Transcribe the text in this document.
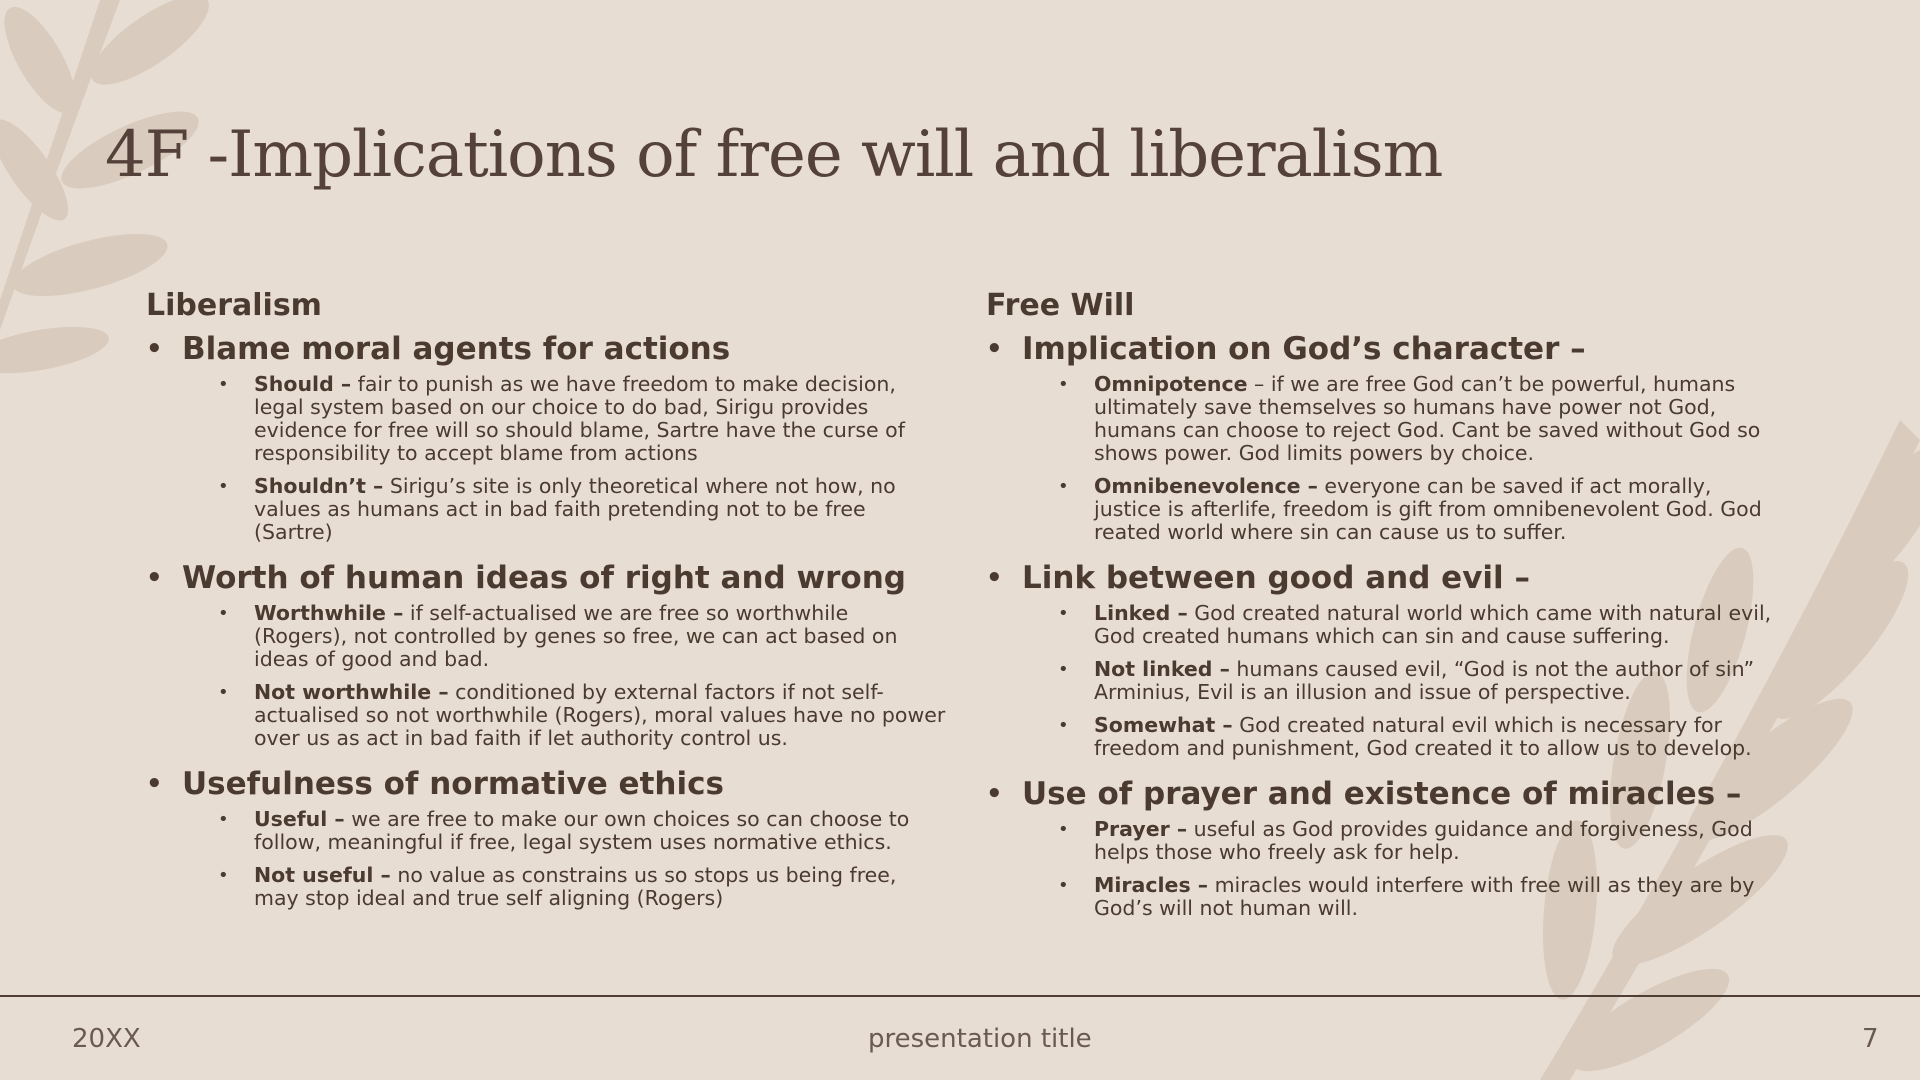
4F -Implications of free will and liberalism
Liberalism
• Blame moral agents for actions
• Should – fair to punish as we have freedom to make decision, legal system based on our choice to do bad, Sirigu provides evidence for free will so should blame, Sartre have the curse of responsibility to accept blame from actions
• Shouldn’t – Sirigu’s site is only theoretical where not how, no values as humans act in bad faith pretending not to be free (Sartre)
• Worth of human ideas of right and wrong
• Worthwhile – if self-actualised we are free so worthwhile (Rogers), not controlled by genes so free, we can act based on ideas of good and bad.
• Not worthwhile – conditioned by external factors if not self-actualised so not worthwhile (Rogers), moral values have no power over us as act in bad faith if let authority control us.
• Usefulness of normative ethics
• Useful – we are free to make our own choices so can choose to follow, meaningful if free, legal system uses normative ethics.
• Not useful – no value as constrains us so stops us being free, may stop ideal and true self aligning (Rogers)
Free Will
• Implication on God’s character –
• Omnipotence – if we are free God can’t be powerful, humans ultimately save themselves so humans have power not God, humans can choose to reject God. Cant be saved without God so shows power. God limits powers by choice.
• Omnibenevolence – everyone can be saved if act morally, justice is afterlife, freedom is gift from omnibenevolent God. God reated world where sin can cause us to suffer.
• Link between good and evil –
• Linked – God created natural world which came with natural evil, God created humans which can sin and cause suffering.
• Not linked – humans caused evil, “God is not the author of sin” Arminius, Evil is an illusion and issue of perspective.
• Somewhat – God created natural evil which is necessary for freedom and punishment, God created it to allow us to develop.
• Use of prayer and existence of miracles –
• Prayer – useful as God provides guidance and forgiveness, God helps those who freely ask for help.
• Miracles – miracles would interfere with free will as they are by God’s will not human will.
20XX	presentation title	7
